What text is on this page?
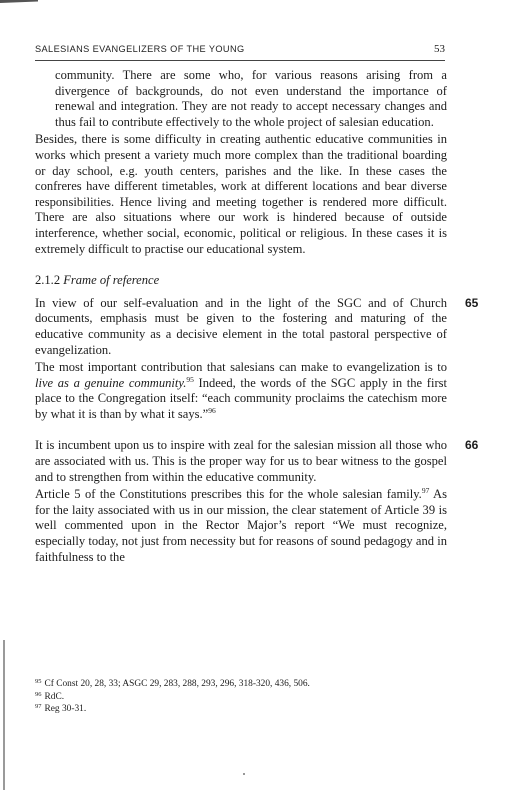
SALESIANS EVANGELIZERS OF THE YOUNG	53

community. There are some who, for various reasons arising from a divergence of backgrounds, do not even understand the importance of renewal and integration. They are not ready to accept necessary changes and thus fail to contribute effectively to the whole project of salesian education.

Besides, there is some difficulty in creating authentic educative communities in works which present a variety much more complex than the traditional boarding or day school, e.g. youth centers, parishes and the like. In these cases the confreres have different timetables, work at different locations and bear diverse responsibilities. Hence living and meeting together is rendered more difficult. There are also situations where our work is hindered because of outside interference, whether social, economic, political or religious. In these cases it is extremely difficult to practise our educational system.

2.1.2 Frame of reference

65

In view of our self-evaluation and in the light of the SGC and of Church documents, emphasis must be given to the fostering and maturing of the educative community as a decisive element in the total pastoral perspective of evangelization.

The most important contribution that salesians can make to evangelization is to live as a genuine community.$^{95}$ Indeed, the words of the SGC apply in the first place to the Congregation itself: “each community proclaims the catechism more by what it is than by what it says.”$^{96}$

66

It is incumbent upon us to inspire with zeal for the salesian mission all those who are associated with us. This is the proper way for us to bear witness to the gospel and to strengthen from within the educative community.

Article 5 of the Constitutions prescribes this for the whole salesian family.$^{97}$ As for the laity associated with us in our mission, the clear statement of Article 39 is well commented upon in the Rector Major’s report “We must recognize, especially today, not just from necessity but for reasons of sound pedagogy and in faithfulness to the

$^{95}$ Cf Const 20, 28, 33; ASGC 29, 283, 288, 293, 296, 318-320, 436, 506.

$^{96}$ RdC.

$^{97}$ Reg 30-31.
